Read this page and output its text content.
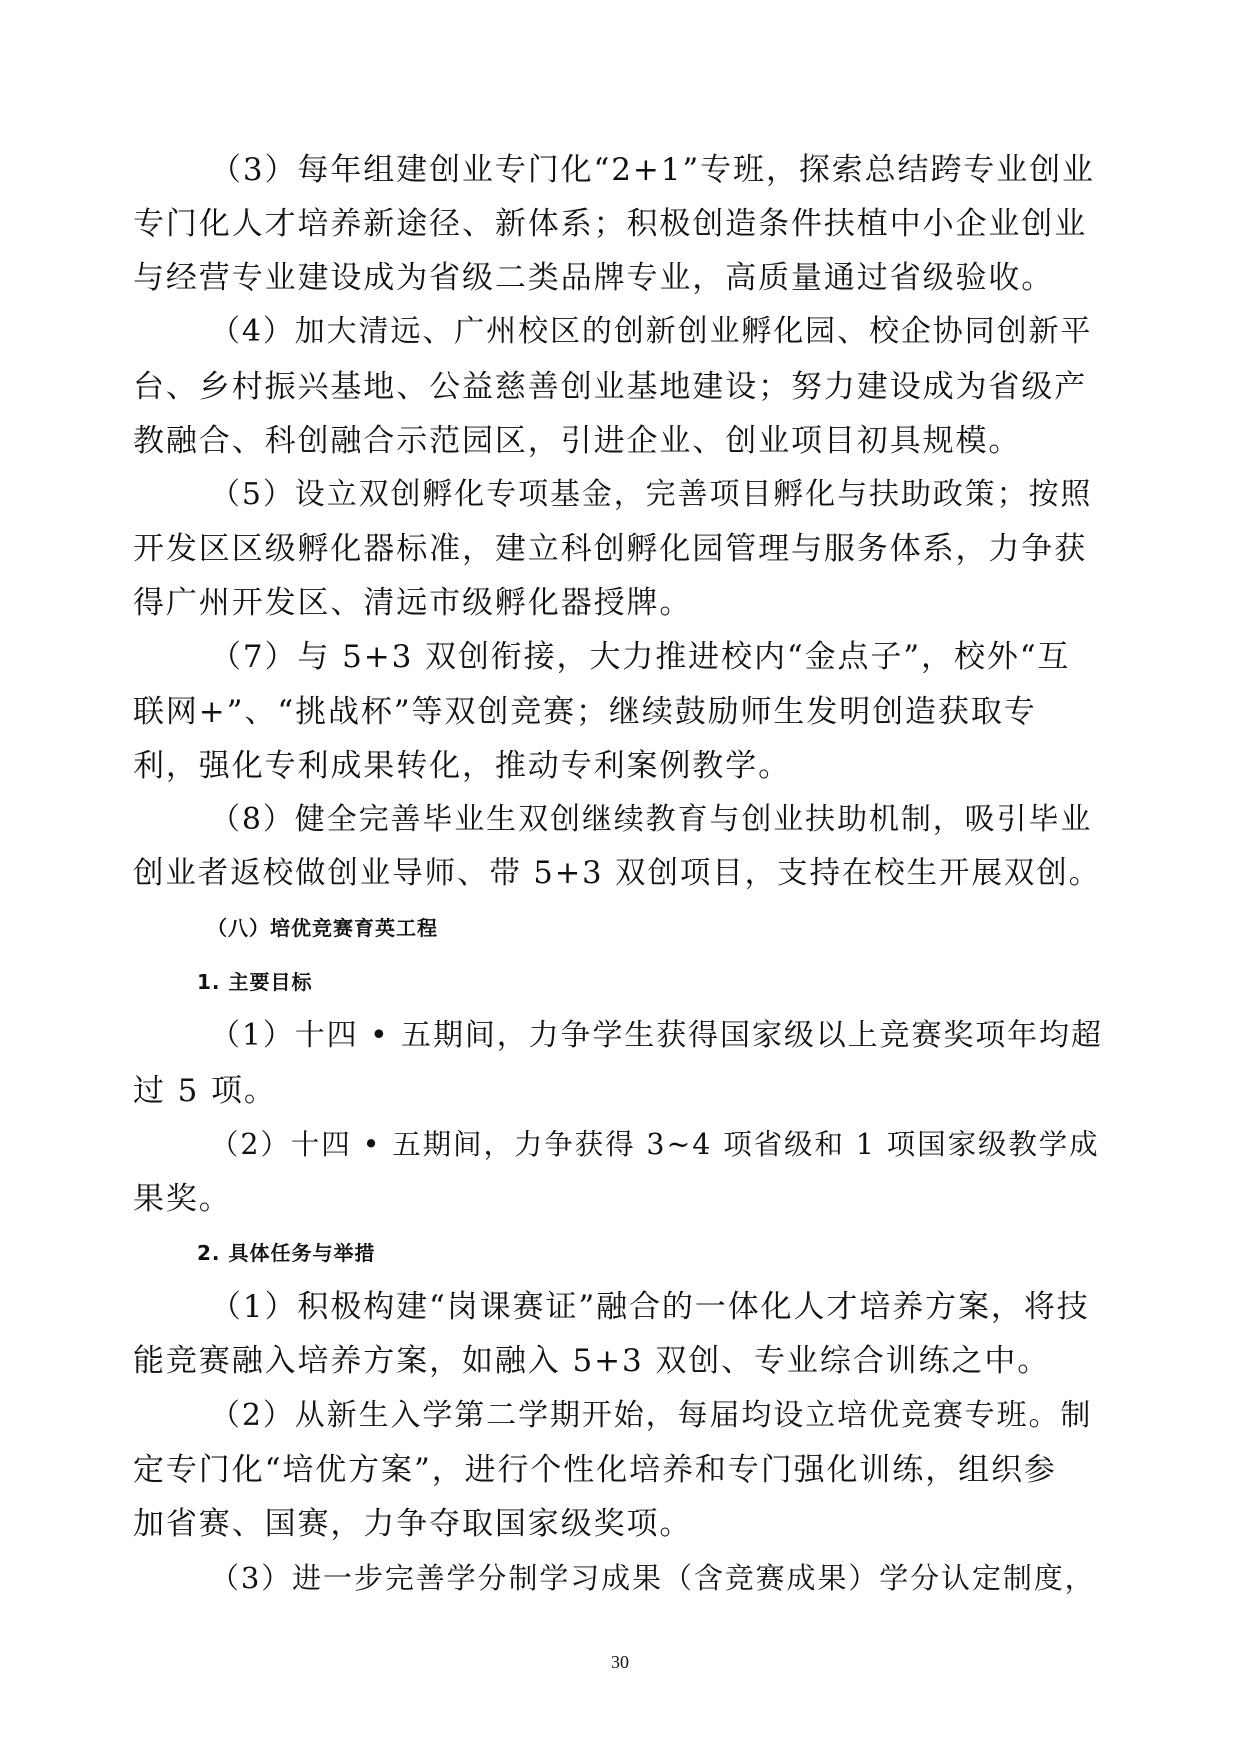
（3）每年组建创业专门化“2+1”专班，探索总结跨专业创业
专门化人才培养新途径、新体系；积极创造条件扶植中小企业创业
与经营专业建设成为省级二类品牌专业，高质量通过省级验收。
（4）加大清远、广州校区的创新创业孵化园、校企协同创新平
台、乡村振兴基地、公益慈善创业基地建设；努力建设成为省级产
教融合、科创融合示范园区，引进企业、创业项目初具规模。
（5）设立双创孵化专项基金，完善项目孵化与扶助政策；按照
开发区区级孵化器标准，建立科创孵化园管理与服务体系，力争获
得广州开发区、清远市级孵化器授牌。
（7）与 5+3 双创衔接，大力推进校内“金点子”，校外“互
联网+”、“挑战杯”等双创竞赛；继续鼓励师生发明创造获取专
利，强化专利成果转化，推动专利案例教学。
（8）健全完善毕业生双创继续教育与创业扶助机制，吸引毕业
创业者返校做创业导师、带 5+3 双创项目，支持在校生开展双创。
（八）培优竞赛育英工程
1. 主要目标
（1）十四 • 五期间，力争学生获得国家级以上竞赛奖项年均超
过 5 项。
（2）十四 • 五期间，力争获得 3~4 项省级和 1 项国家级教学成
果奖。
2. 具体任务与举措
（1）积极构建“岗课赛证”融合的一体化人才培养方案，将技
能竞赛融入培养方案，如融入 5+3 双创、专业综合训练之中。
（2）从新生入学第二学期开始，每届均设立培优竞赛专班。制
定专门化“培优方案”，进行个性化培养和专门强化训练，组织参
加省赛、国赛，力争夺取国家级奖项。
（3）进一步完善学分制学习成果（含竞赛成果）学分认定制度，
30
